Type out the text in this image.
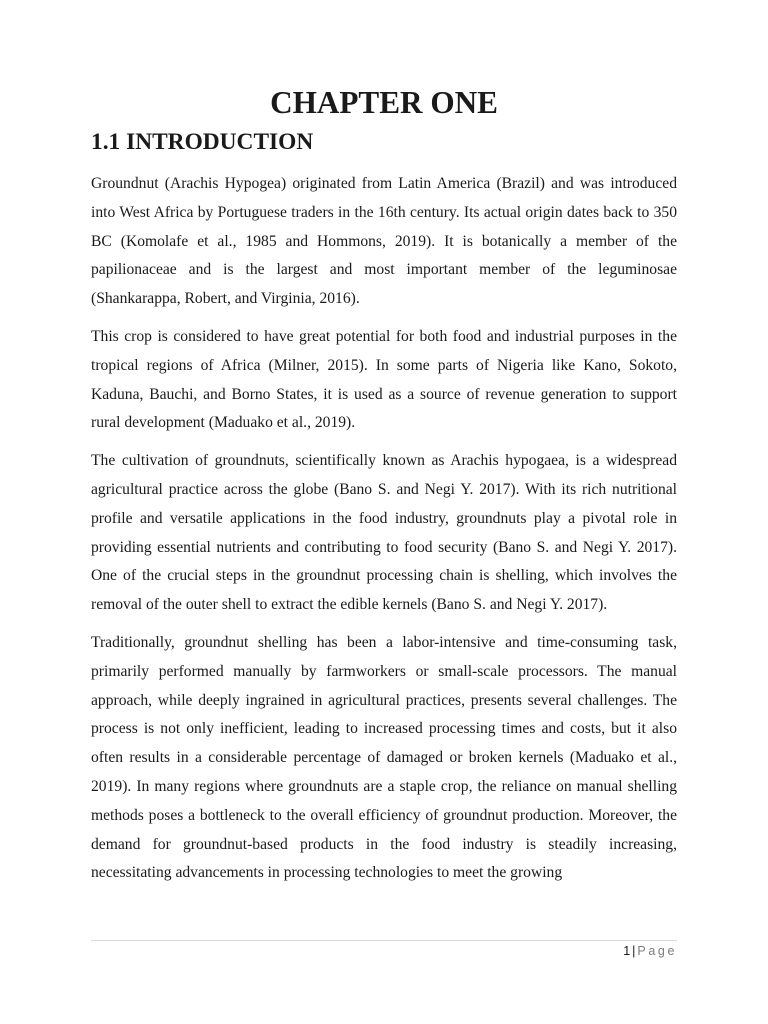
CHAPTER ONE
1.1 INTRODUCTION

Groundnut (Arachis Hypogea) originated from Latin America (Brazil) and was introduced into West Africa by Portuguese traders in the 16th century. Its actual origin dates back to 350 BC (Komolafe et al., 1985 and Hommons, 2019). It is botanically a member of the papilionaceae and is the largest and most important member of the leguminosae (Shankarappa, Robert, and Virginia, 2016).

This crop is considered to have great potential for both food and industrial purposes in the tropical regions of Africa (Milner, 2015). In some parts of Nigeria like Kano, Sokoto, Kaduna, Bauchi, and Borno States, it is used as a source of revenue generation to support rural development (Maduako et al., 2019).

The cultivation of groundnuts, scientifically known as Arachis hypogaea, is a widespread agricultural practice across the globe (Bano S. and Negi Y. 2017). With its rich nutritional profile and versatile applications in the food industry, groundnuts play a pivotal role in providing essential nutrients and contributing to food security (Bano S. and Negi Y. 2017). One of the crucial steps in the groundnut processing chain is shelling, which involves the removal of the outer shell to extract the edible kernels (Bano S. and Negi Y. 2017).

Traditionally, groundnut shelling has been a labor-intensive and time-consuming task, primarily performed manually by farmworkers or small-scale processors. The manual approach, while deeply ingrained in agricultural practices, presents several challenges. The process is not only inefficient, leading to increased processing times and costs, but it also often results in a considerable percentage of damaged or broken kernels (Maduako et al., 2019). In many regions where groundnuts are a staple crop, the reliance on manual shelling methods poses a bottleneck to the overall efficiency of groundnut production. Moreover, the demand for groundnut-based products in the food industry is steadily increasing, necessitating advancements in processing technologies to meet the growing

1 | Page
